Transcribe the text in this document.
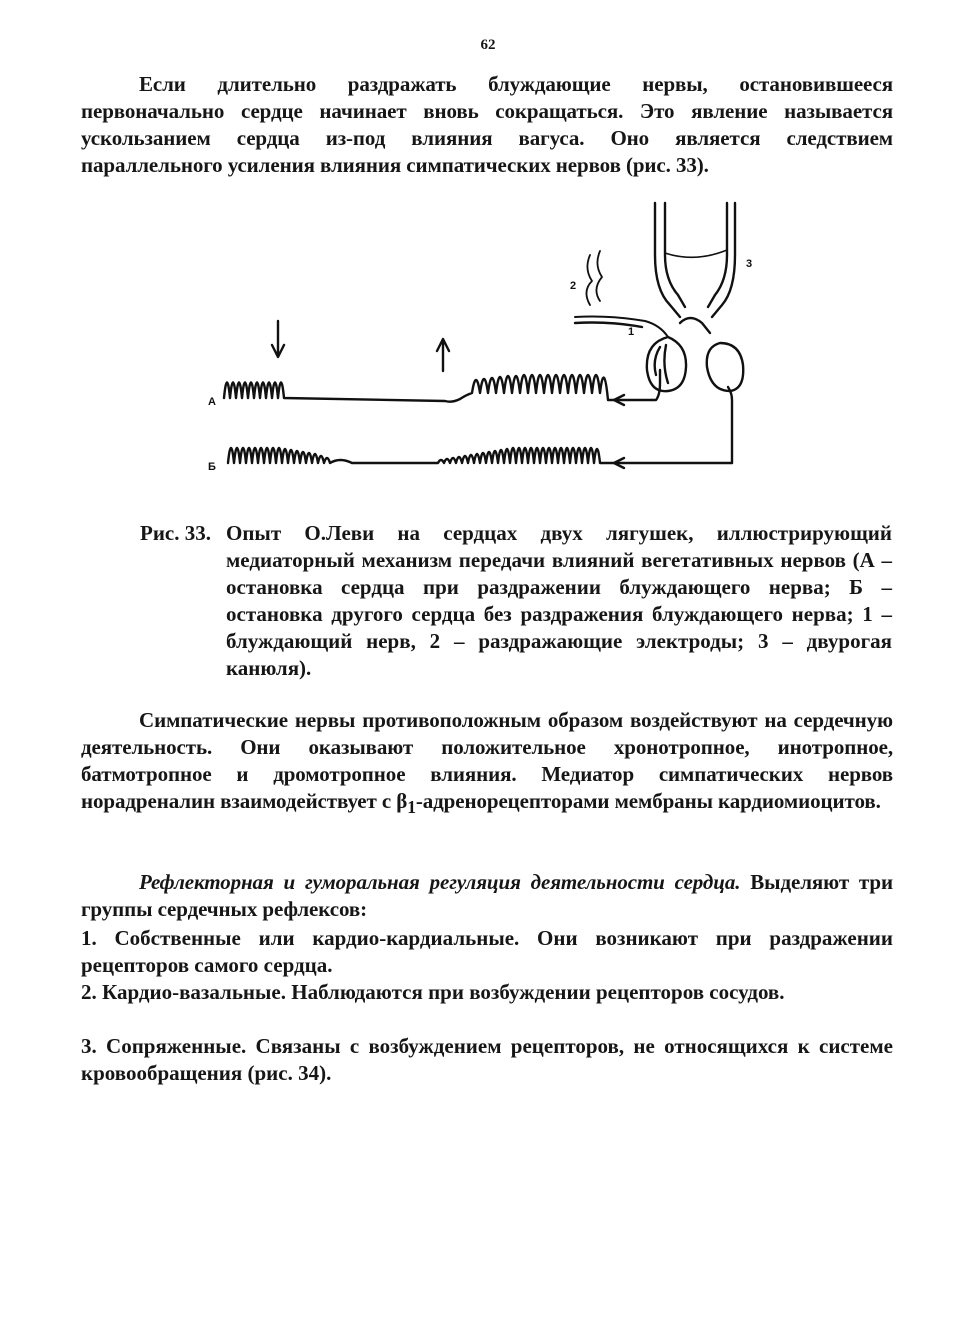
62

Если длительно раздражать блуждающие нервы, остановившееся первоначально сердце начинает вновь сокращаться. Это явление называется ускользанием сердца из-под влияния вагуса. Оно является следствием параллельного усиления влияния симпатических нервов (рис. 33).

А
Б
1
2
3

Рис. 33. Опыт О.Леви на сердцах двух лягушек, иллюстрирующий медиаторный механизм передачи влияний вегетативных нервов (А – остановка сердца при раздражении блуждающего нерва; Б – остановка другого сердца без раздражения блуждающего нерва; 1 – блуждающий нерв, 2 – раздражающие электроды; 3 – двурогая канюля).

Симпатические нервы противоположным образом воздействуют на сердечную деятельность. Они оказывают положительное хронотропное, инотропное, батмотропное и дромотропное влияния. Медиатор симпатических нервов норадреналин взаимодействует с $\beta_1$-адренорецепторами мембраны кардиомиоцитов.

Рефлекторная и гуморальная регуляция деятельности сердца. Выделяют три группы сердечных рефлексов:

1. Собственные или кардио-кардиальные. Они возникают при раздражении рецепторов самого сердца.

2. Кардио-вазальные. Наблюдаются при возбуждении рецепторов сосудов.

3. Сопряженные. Связаны с возбуждением рецепторов, не относящихся к системе кровообращения (рис. 34).
